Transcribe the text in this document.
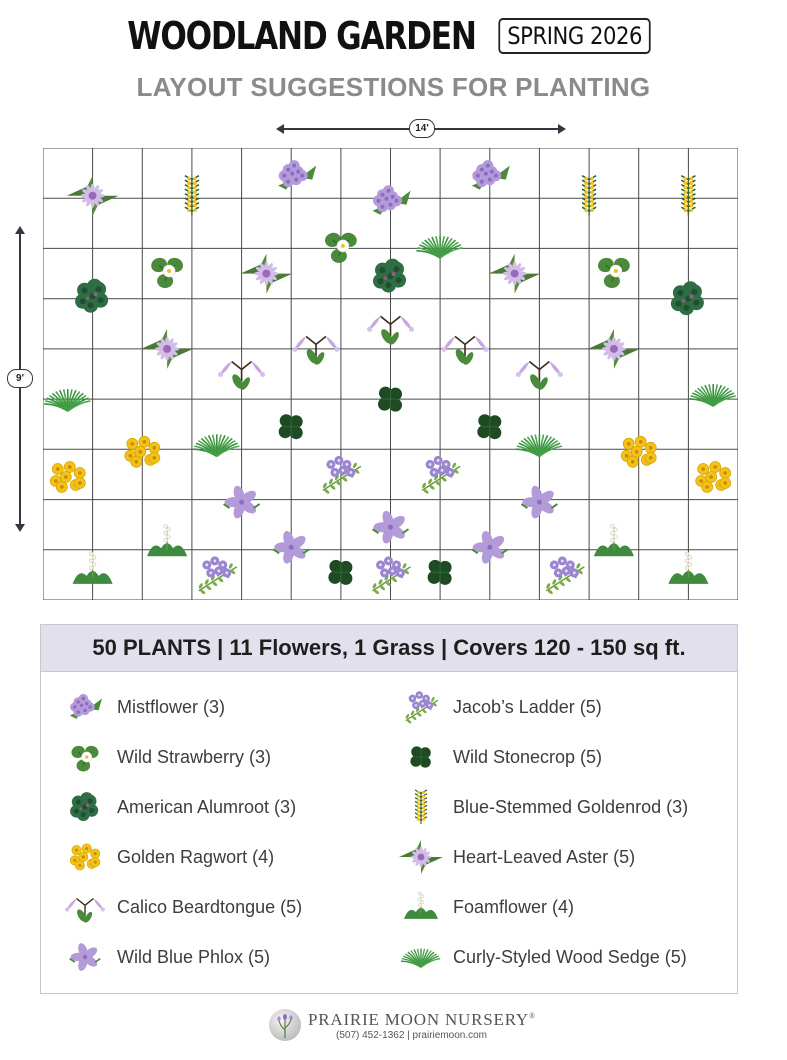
WOODLAND GARDEN	SPRING 2026
LAYOUT SUGGESTIONS FOR PLANTING
14'
9'
50 PLANTS | 11 Flowers, 1 Grass | Covers 120 - 150 sq ft.
Mistflower (3)
Wild Strawberry (3)
American Alumroot (3)
Golden Ragwort (4)
Calico Beardtongue (5)
Wild Blue Phlox (5)
Jacob’s Ladder (5)
Wild Stonecrop (5)
Blue-Stemmed Goldenrod (3)
Heart-Leaved Aster (5)
Foamflower (4)
Curly-Styled Wood Sedge (5)
PRAIRIE MOON NURSERY®
(507) 452-1362 | prairiemoon.com
